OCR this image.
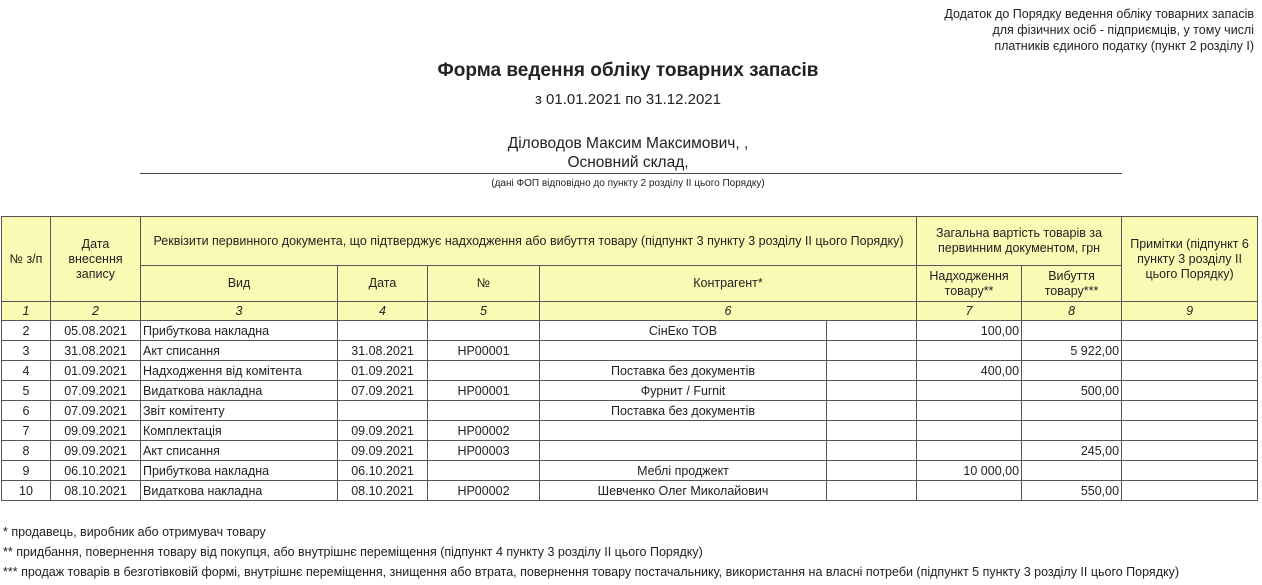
Додаток до Порядку ведення обліку товарних запасів
для фізичних осіб - підприємців, у тому числі
платників єдиного податку (пункт 2 розділу I)
Форма ведення обліку товарних запасів
з 01.01.2021 по 31.12.2021
Діловодов Максим Максимович, ,
Основний склад,
(дані ФОП відповідно до пункту 2 розділу II цього Порядку)
№ з/п	Дата внесення запису	Реквізити первинного документа, що підтверджує надходження або вибуття товару (підпункт 3 пункту 3 розділу II цього Порядку)					Загальна вартість товарів за первинним документом, грн		Примітки (підпункт 6 пункту 3 розділу II цього Порядку)
		Вид	Дата	№	Контрагент*		Надходження товару**	Вибуття товару***	
1	2	3	4	5	6		7	8	9
2	05.08.2021	Прибуткова накладна			СінЕко ТОВ		100,00		
3	31.08.2021	Акт списання	31.08.2021	НР00001				5 922,00	
4	01.09.2021	Надходження від комітента	01.09.2021		Поставка без документів		400,00		
5	07.09.2021	Видаткова накладна	07.09.2021	НР00001	Фурнит / Furnit			500,00	
6	07.09.2021	Звіт комітенту			Поставка без документів				
7	09.09.2021	Комплектація	09.09.2021	НР00002					
8	09.09.2021	Акт списання	09.09.2021	НР00003				245,00	
9	06.10.2021	Прибуткова накладна	06.10.2021		Меблі проджект		10 000,00		
10	08.10.2021	Видаткова накладна	08.10.2021	НР00002	Шевченко Олег Миколайович			550,00	
* продавець, виробник або отримувач товару
** придбання, повернення товару від покупця, або внутрішнє переміщення (підпункт 4 пункту 3 розділу II цього Порядку)
*** продаж товарів в безготівковій формі, внутрішнє переміщення, знищення або втрата, повернення товару постачальнику, використання на власні потреби (підпункт 5 пункту 3 розділу II цього Порядку)
